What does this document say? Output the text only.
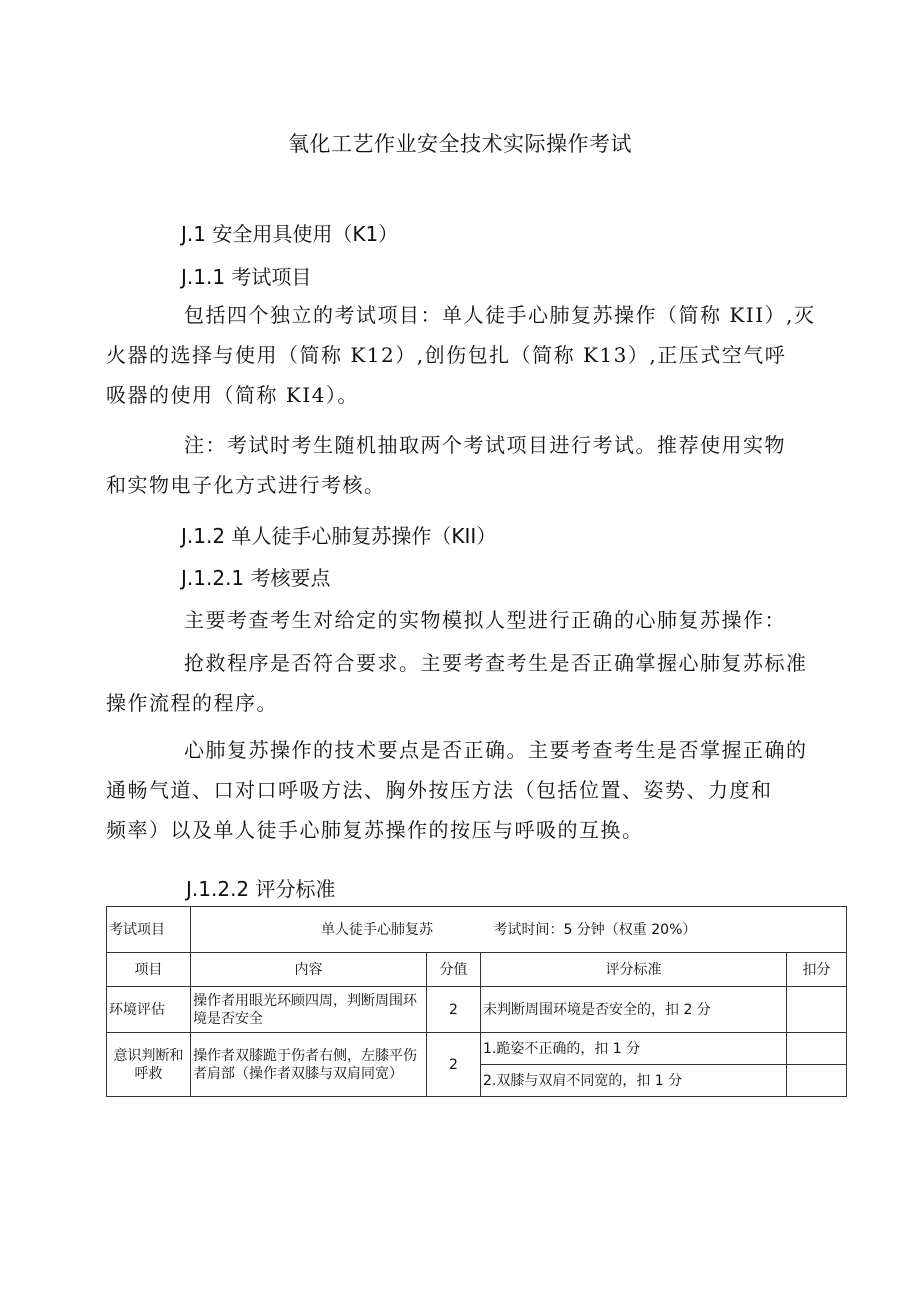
氧化工艺作业安全技术实际操作考试
J.1 安全用具使用（K1）
J.1.1 考试项目
包括四个独立的考试项目：单人徒手心肺复苏操作（简称 KII）,灭
火器的选择与使用（简称 K12）,创伤包扎（简称 K13）,正压式空气呼
吸器的使用（简称 KI4）。
注：考试时考生随机抽取两个考试项目进行考试。推荐使用实物
和实物电子化方式进行考核。
J.1.2 单人徒手心肺复苏操作（KII）
J.1.2.1 考核要点
主要考查考生对给定的实物模拟人型进行正确的心肺复苏操作：
抢救程序是否符合要求。主要考查考生是否正确掌握心肺复苏标准
操作流程的程序。
心肺复苏操作的技术要点是否正确。主要考查考生是否掌握正确的
通畅气道、口对口呼吸方法、胸外按压方法（包括位置、姿势、力度和
频率）以及单人徒手心肺复苏操作的按压与呼吸的互换。
J.1.2.2 评分标准
考试项目	单人徒手心肺复苏 考试时间：5 分钟（权重 20%）			
项目	内容	分值	评分标准	扣分
环境评估	操作者用眼光环顾四周，判断周围环境是否安全	2	未判断周围环境是否安全的，扣 2 分	
意识判断和呼救	操作者双膝跪于伤者右侧，左膝平伤者肩部（操作者双膝与双肩同宽）	2	1.跪姿不正确的，扣 1 分	
			2.双膝与双肩不同宽的，扣 1 分	
